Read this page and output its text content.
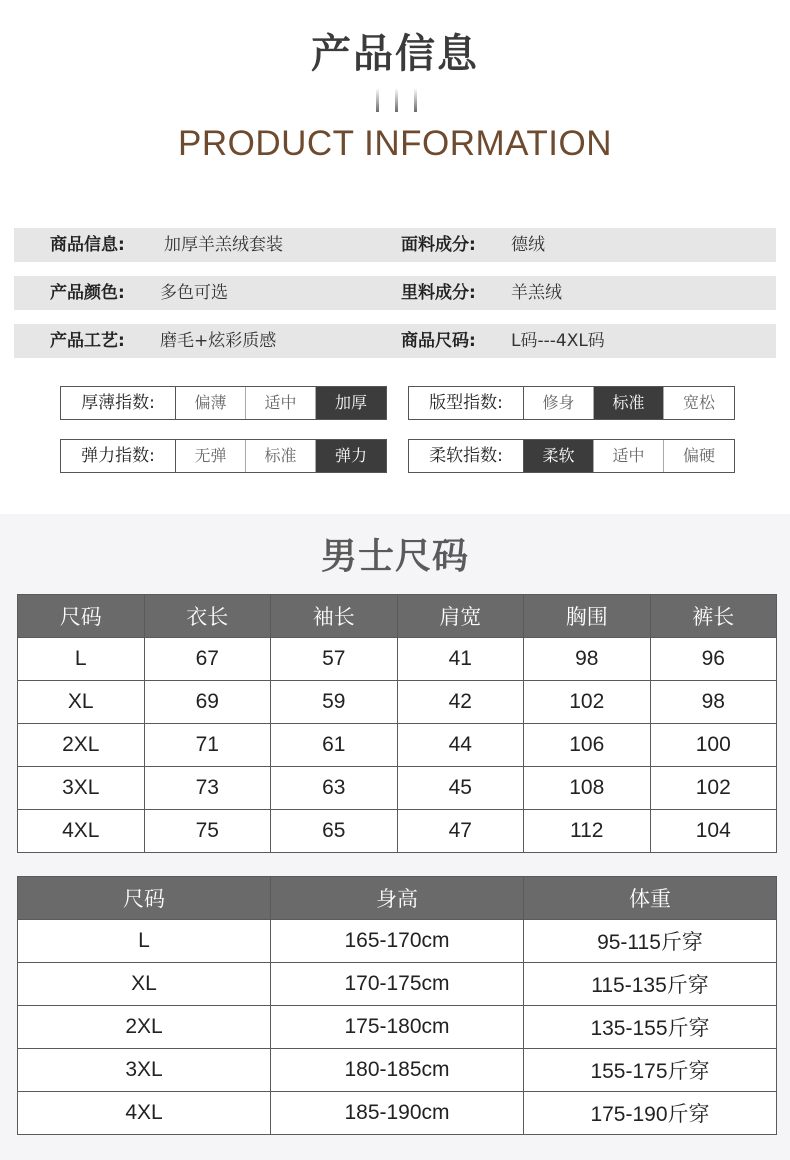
产品信息
PRODUCT INFORMATION
商品信息: 加厚羊羔绒套装	面料成分: 德绒
产品颜色: 多色可选	里料成分: 羊羔绒
产品工艺: 磨毛+炫彩质感	商品尺码: L码---4XL码
厚薄指数:	偏薄	适中	加厚	版型指数:	修身	标准	宽松
弹力指数:	无弹	标准	弹力	柔软指数:	柔软	适中	偏硬
男士尺码
尺码	衣长	袖长	肩宽	胸围	裤长
L	67	57	41	98	96
XL	69	59	42	102	98
2XL	71	61	44	106	100
3XL	73	63	45	108	102
4XL	75	65	47	112	104
尺码	身高	体重
L	165-170cm	95-115斤穿
XL	170-175cm	115-135斤穿
2XL	175-180cm	135-155斤穿
3XL	180-185cm	155-175斤穿
4XL	185-190cm	175-190斤穿
